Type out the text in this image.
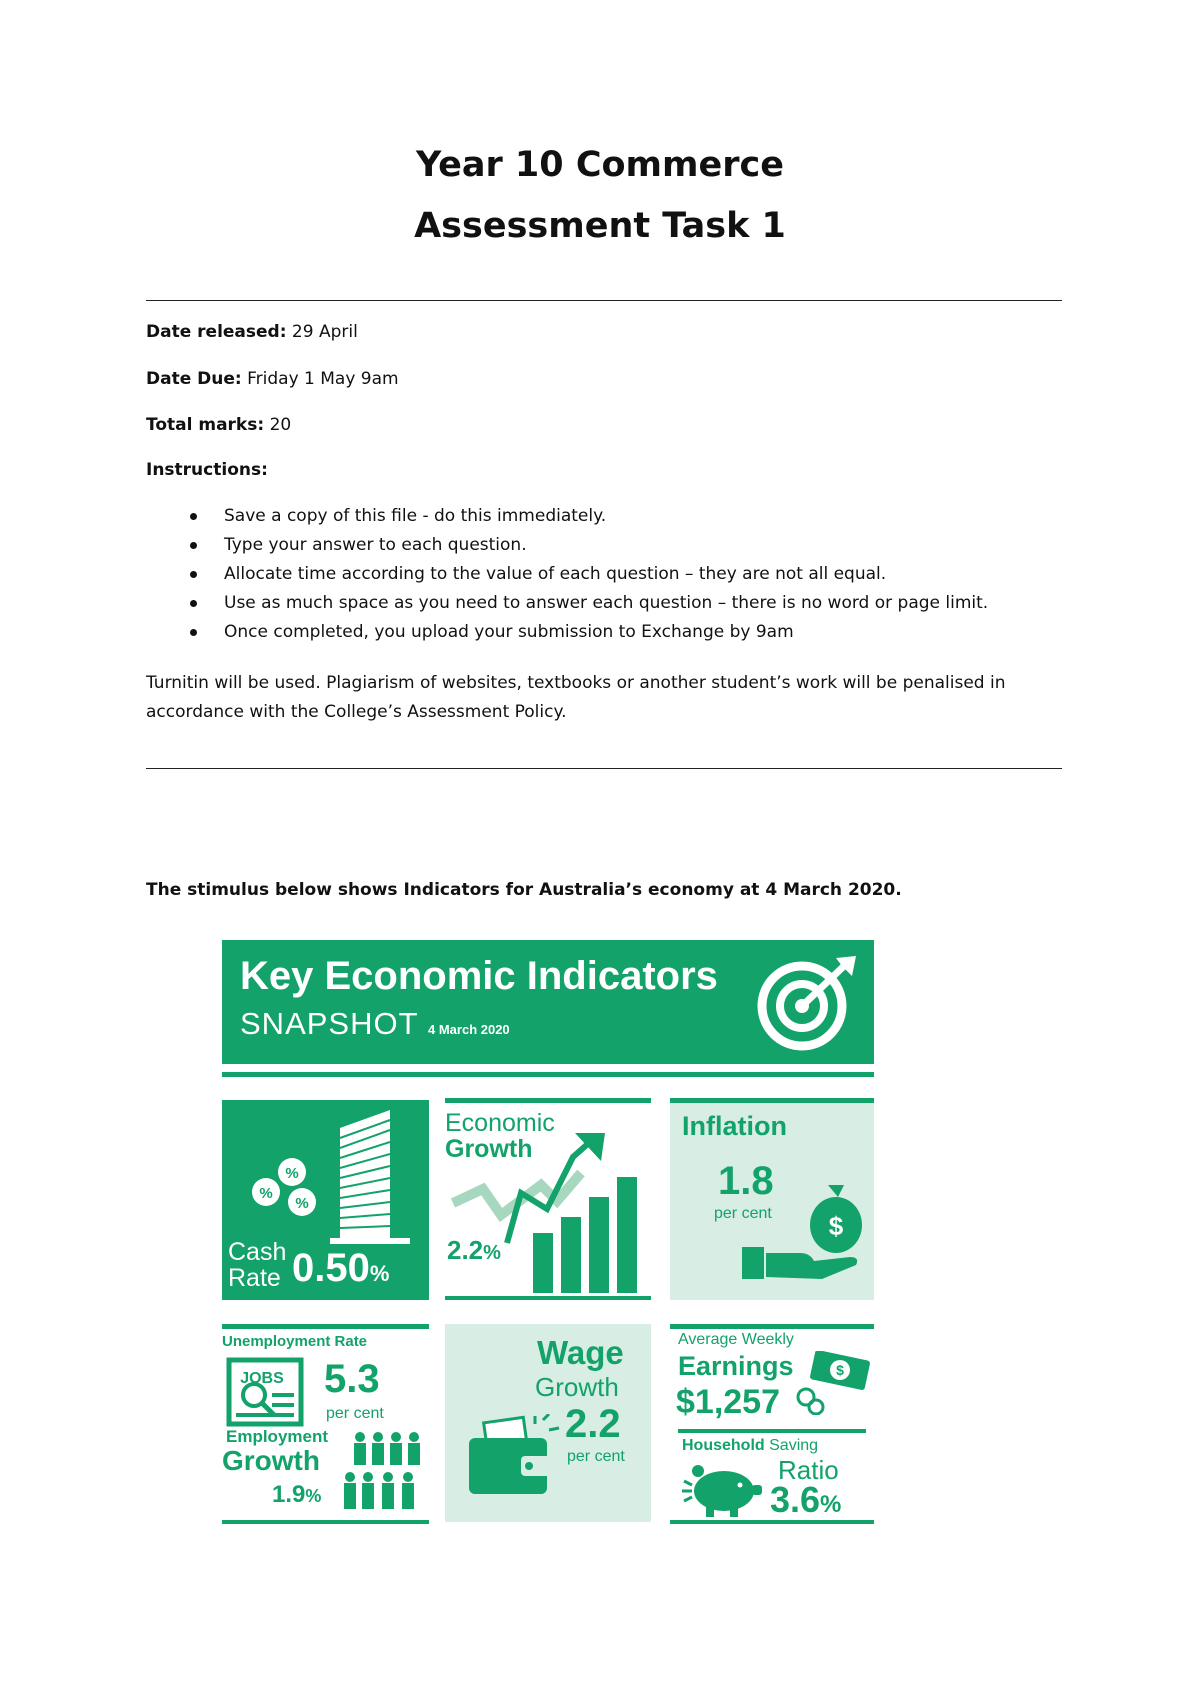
Year 10 Commerce
Assessment Task 1
Date released: 29 April
Date Due: Friday 1 May 9am
Total marks: 20
Instructions:
Save a copy of this file - do this immediately.
Type your answer to each question.
Allocate time according to the value of each question – they are not all equal.
Use as much space as you need to answer each question – there is no word or page limit.
Once completed, you upload your submission to Exchange by 9am

Turnitin will be used. Plagiarism of websites, textbooks or another student’s work will be penalised in accordance with the College’s Assessment Policy.

The stimulus below shows Indicators for Australia’s economy at 4 March 2020.
Key Economic Indicators
SNAPSHOT 4 March 2020
%
%
%
Cash
Rate 0.50%
Economic
Growth
2.2%
Inflation
1.8
per cent $
Unemployment Rate
JOBS 5.3
per cent
Employment
Growth
1.9%
Wage
Growth
2.2
per cent
Average Weekly
Earnings
$1,257
$
Household Saving
Ratio
3.6%
